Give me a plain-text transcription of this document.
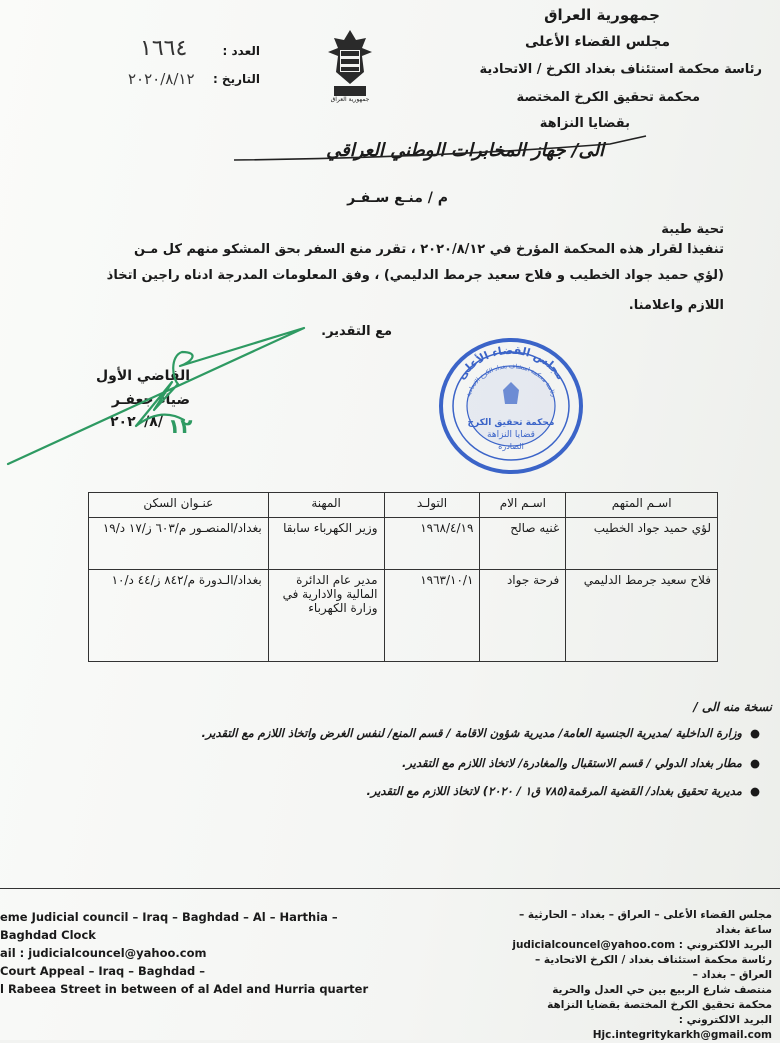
جمهورية العراق
مجلس القضاء الأعلى
رئاسة محكمة استئناف بغداد الكرخ / الاتحادية
محكمة تحقيق الكرخ المختصة
بقضايا النزاهة
جمهورية العراق
العدد :
١٦٦٤
التاريخ :
٢٠٢٠/٨/١٢
الى/ جهاز المخابرات الوطني العراقي
م / منـع سـفـر
تحية طيبة
تنفيذا لقرار هذه المحكمة المؤرخ في ٢٠٢٠/٨/١٢ ، تقرر منع السفر بحق المشكو منهم كل مـن
(لؤي حميد جواد الخطيب و فلاح سعيد جرمط الدليمي) ، وفق المعلومات المدرجة ادناه راجين اتخاذ
اللازم واعلامنا.
مع التقدير.
القاضي الأول
ضياء جعفـر
٢٠٢٠/٨/ ١٢
مجلس القضاء الأعلى
رئاسة محكمة استئناف بغداد الكرخ الاتحادية
محكمة تحقيق الكرخ
قضايا النزاهة
الصادرة
اسـم المتهم	اسـم الام	التولـد	المهنة	عنـوان السكن
لؤي حميد جواد الخطيب	غنيه صالح	١٩٦٨/٤/١٩	وزير الكهرباء سابقا	بغداد/المنصـور م/٦٠٣ ز/١٧ د/١٩
فلاح سعيد جرمط الدليمي	فرحة جواد	١٩٦٣/١٠/١	مدير عام الدائرة المالية والادارية في وزارة الكهرباء	بغداد/الـدورة م/٨٤٢ ز/٤٤ د/١٠
نسخة منه الى /
●  وزارة الداخلية /مديرية الجنسية العامة/ مديرية شؤون الاقامة / قسم المنع/ لنفس الغرض واتخاذ اللازم مع التقدير.
●  مطار بغداد الدولي / قسم الاستقبال والمغادرة/ لاتخاذ اللازم مع التقدير.
●  مديرية تحقيق بغداد/ القضية المرقمة(٧٨٥ ق١ / ٢٠٢٠) لاتخاذ اللازم مع التقدير.
eme Judicial council – Iraq – Baghdad – Al – Harthia – Baghdad Clock
ail : judicialcouncel@yahoo.com
Court Appeal – Iraq – Baghdad –
l Rabeea Street in between of al Adel and Hurria quarter
مجلس القضاء الأعلى – العراق – بغداد – الحارثية – ساعة بغداد
البريد الالكتروني : judicialcouncel@yahoo.com
رئاسة محكمة استئناف بغداد / الكرخ الاتحادية – العراق – بغداد –
منتصف شارع الربيع بين حي العدل والحرية
محكمة تحقيق الكرخ المختصة بقضايا النزاهة
البريد الالكتروني : Hjc.integritykarkh@gmail.com
